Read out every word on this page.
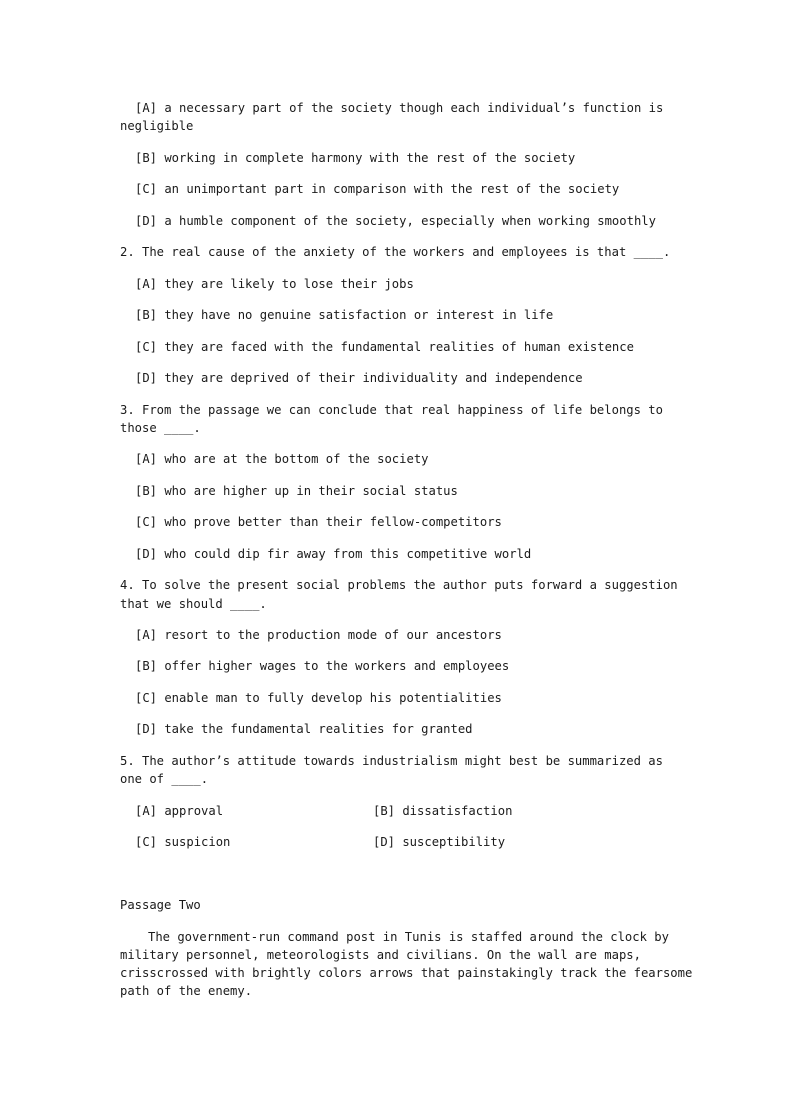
[A] a necessary part of the society though each individual’s function is
negligible
[B] working in complete harmony with the rest of the society
[C] an unimportant part in comparison with the rest of the society
[D] a humble component of the society, especially when working smoothly
2. The real cause of the anxiety of the workers and employees is that ____.
[A] they are likely to lose their jobs
[B] they have no genuine satisfaction or interest in life
[C] they are faced with the fundamental realities of human existence
[D] they are deprived of their individuality and independence
3. From the passage we can conclude that real happiness of life belongs to
those ____.
[A] who are at the bottom of the society
[B] who are higher up in their social status
[C] who prove better than their fellow-competitors
[D] who could dip fir away from this competitive world
4. To solve the present social problems the author puts forward a suggestion
that we should ____.
[A] resort to the production mode of our ancestors
[B] offer higher wages to the workers and employees
[C] enable man to fully develop his potentialities
[D] take the fundamental realities for granted
5. The author’s attitude towards industrialism might best be summarized as
one of ____.
[A] approval	[B] dissatisfaction
[C] suspicion	[D] susceptibility
Passage Two
The government-run command post in Tunis is staffed around the clock by
military personnel, meteorologists and civilians. On the wall are maps,
crisscrossed with brightly colors arrows that painstakingly track the fearsome
path of the enemy.
